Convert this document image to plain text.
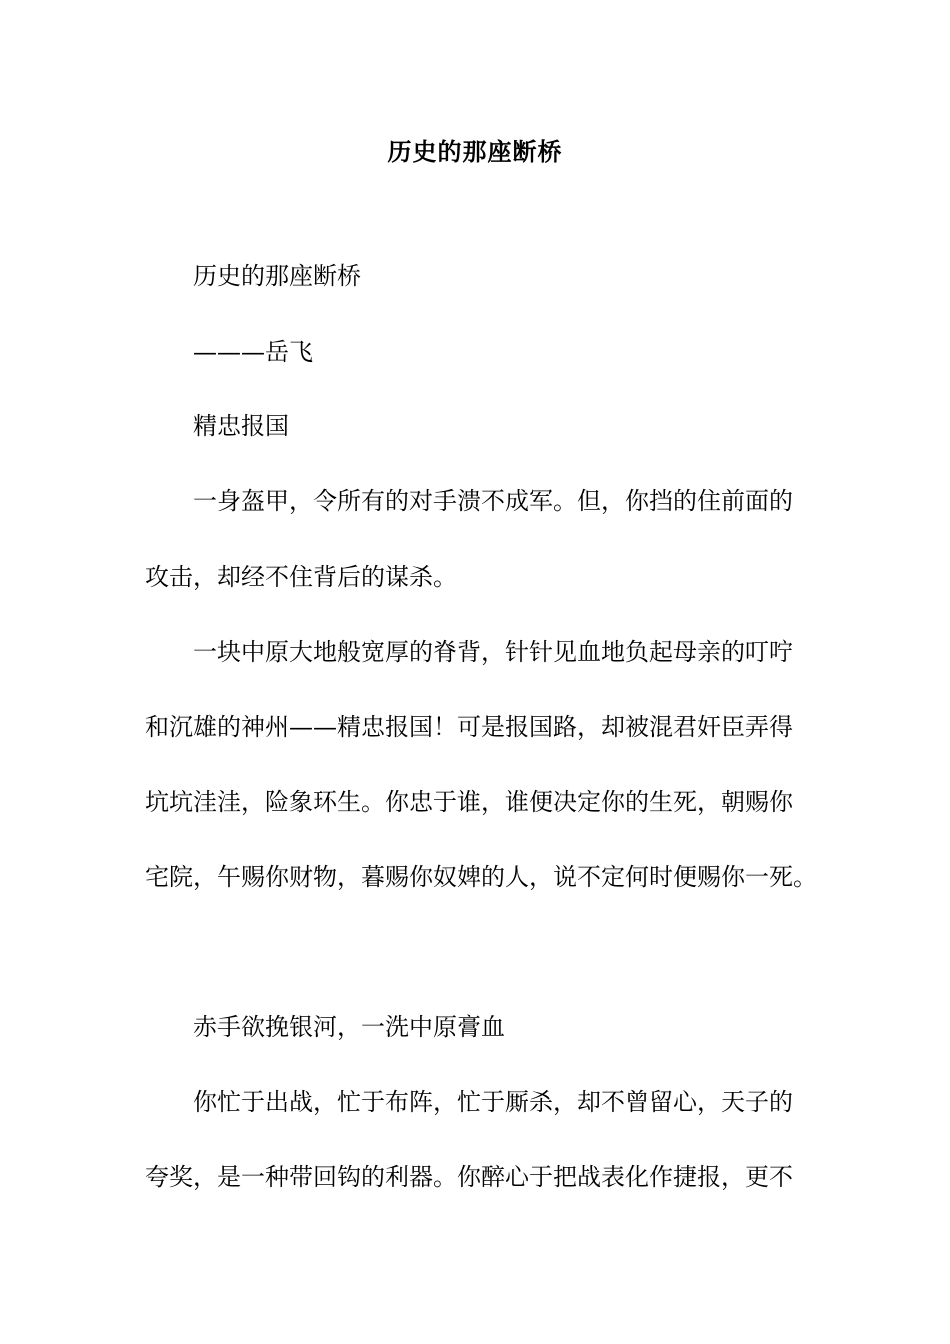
历史的那座断桥
历史的那座断桥
———岳飞
精忠报国
一身盔甲，令所有的对手溃不成军。但，你挡的住前面的
攻击，却经不住背后的谋杀。
一块中原大地般宽厚的脊背，针针见血地负起母亲的叮咛
和沉雄的神州——精忠报国！可是报国路，却被混君奸臣弄得
坑坑洼洼，险象环生。你忠于谁，谁便决定你的生死，朝赐你
宅院，午赐你财物，暮赐你奴婢的人，说不定何时便赐你一死。
赤手欲挽银河，一洗中原膏血
你忙于出战，忙于布阵，忙于厮杀，却不曾留心，天子的
夸奖，是一种带回钩的利器。你醉心于把战表化作捷报，更不
